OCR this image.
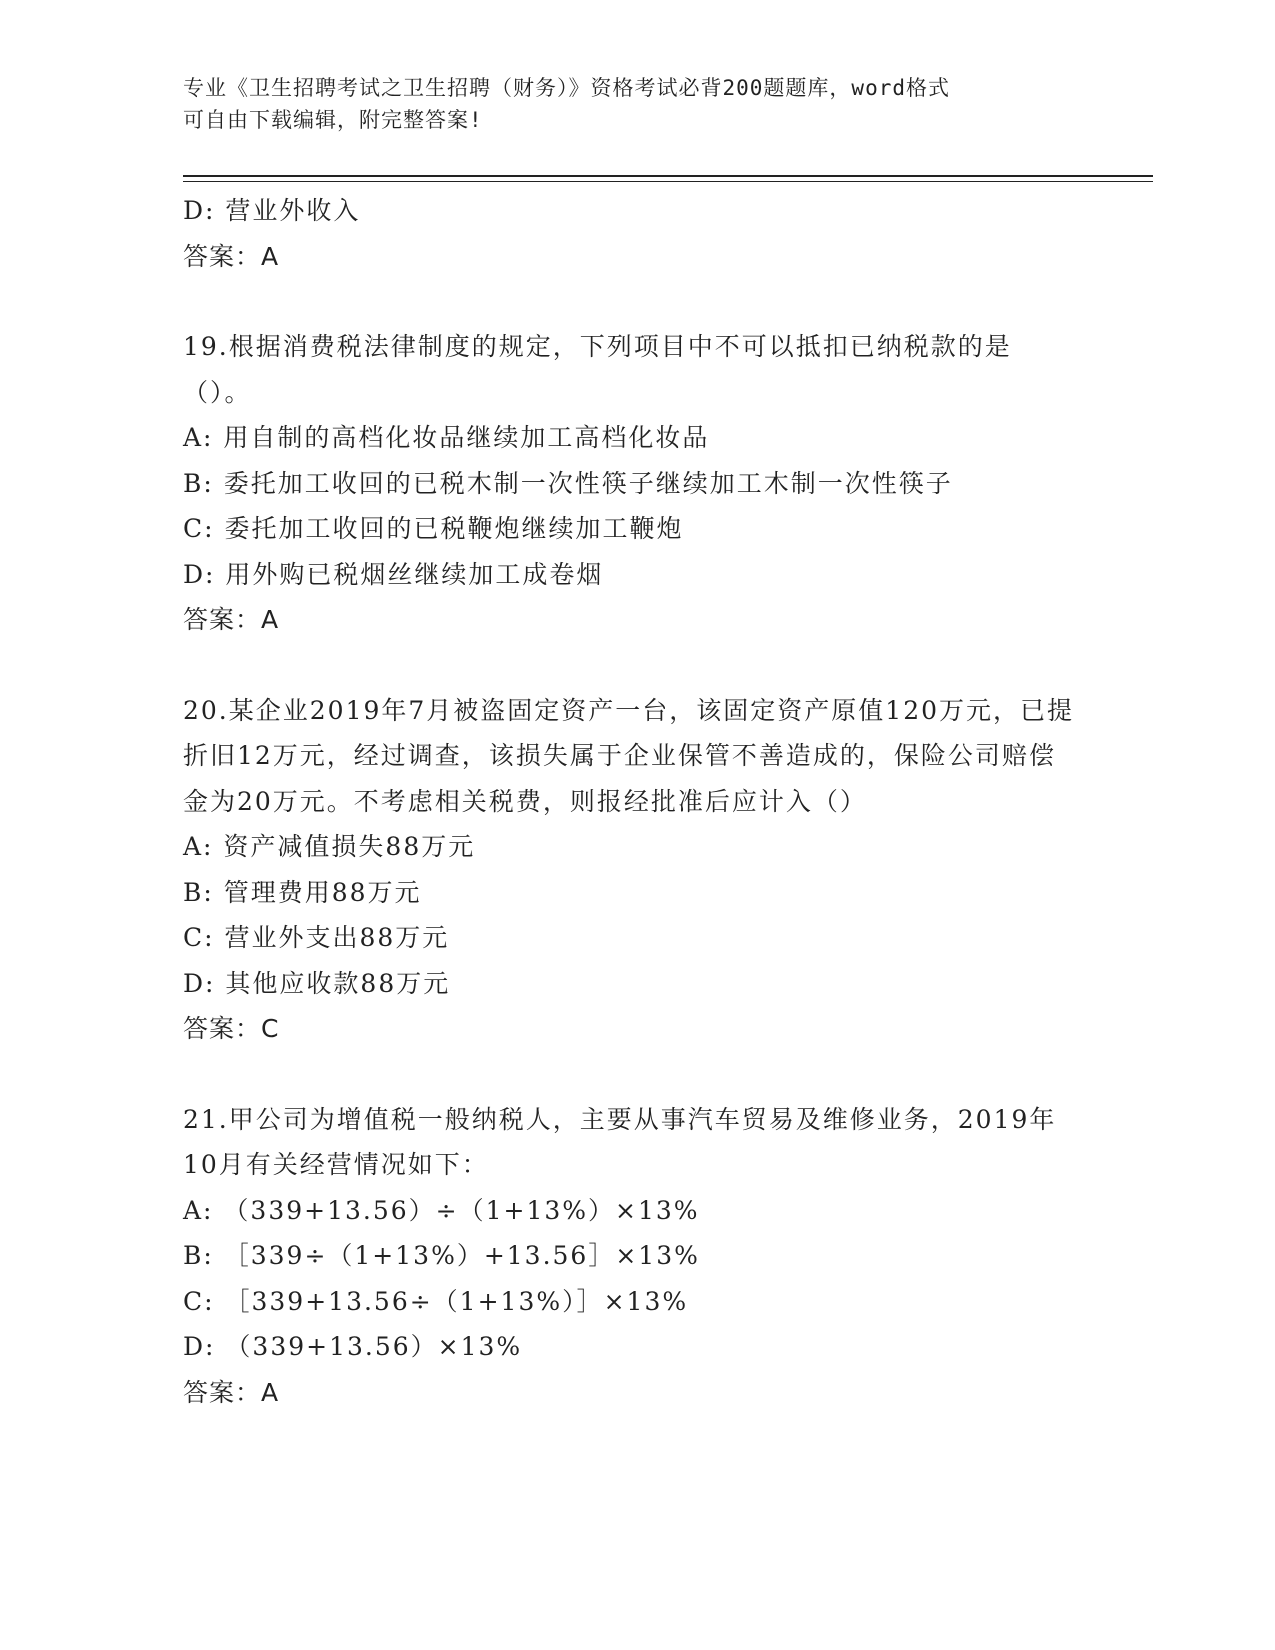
专业《卫生招聘考试之卫生招聘（财务）》资格考试必背200题题库，word格式
可自由下载编辑，附完整答案!

D: 营业外收入

答案：A

19.根据消费税法律制度的规定，下列项目中不可以抵扣已纳税款的是（）。

A: 用自制的高档化妆品继续加工高档化妆品

B: 委托加工收回的已税木制一次性筷子继续加工木制一次性筷子

C: 委托加工收回的已税鞭炮继续加工鞭炮

D: 用外购已税烟丝继续加工成卷烟

答案：A

20.某企业2019年7月被盗固定资产一台，该固定资产原值120万元，已提折旧12万元，经过调查，该损失属于企业保管不善造成的，保险公司赔偿金为20万元。不考虑相关税费，则报经批准后应计入（）

A: 资产减值损失88万元

B: 管理费用88万元

C: 营业外支出88万元

D: 其他应收款88万元

答案：C

21.甲公司为增值税一般纳税人，主要从事汽车贸易及维修业务，2019年10月有关经营情况如下：

A: （339+13.56）÷（1+13%）×13%

B: ［339÷（1+13%）+13.56］×13%

C: ［339+13.56÷（1+13%）］×13%

D: （339+13.56）×13%

答案：A
